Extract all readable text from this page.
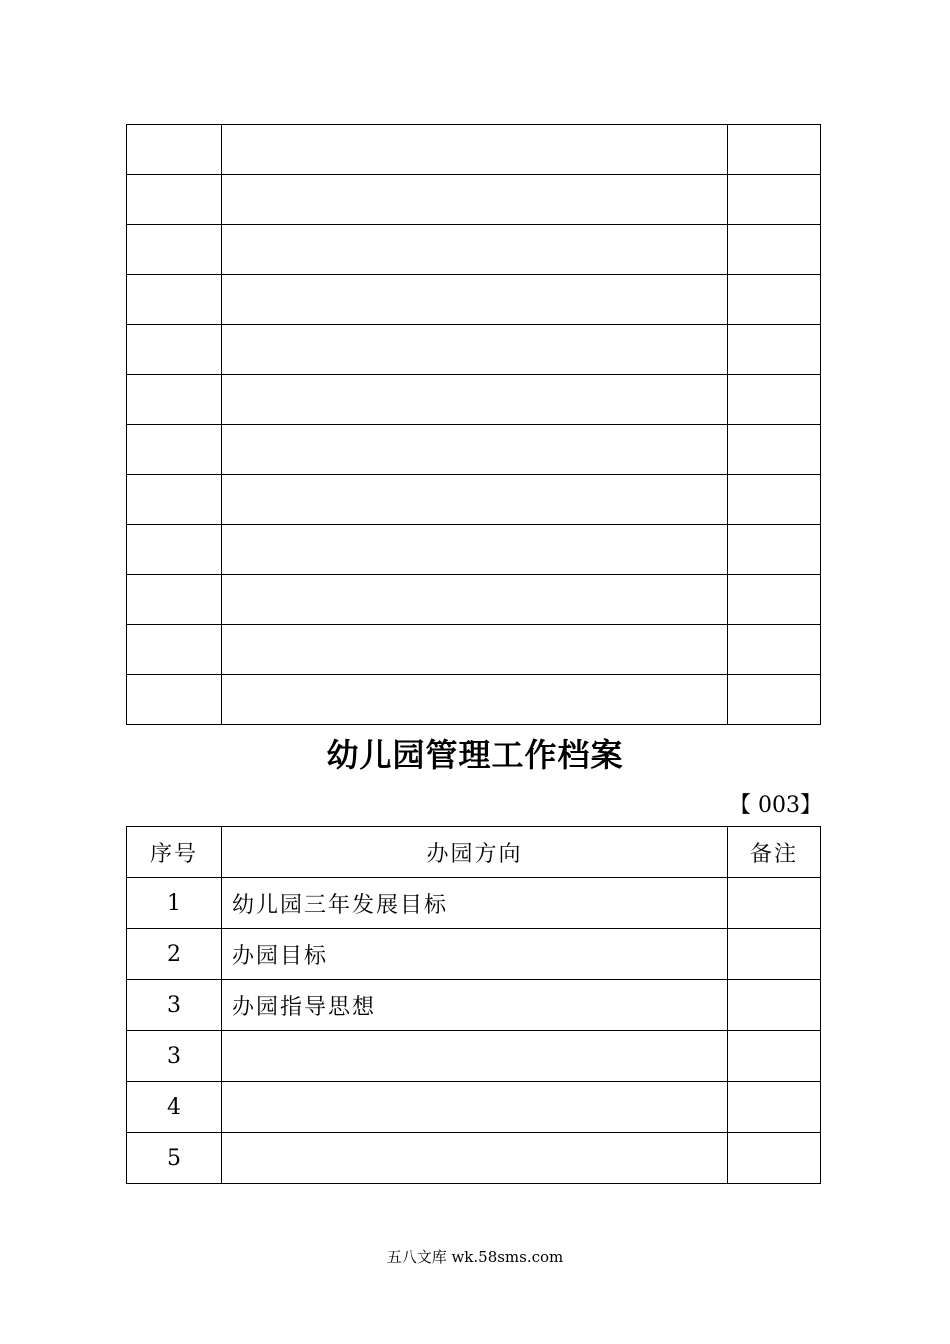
幼儿园管理工作档案
【 003】
序号	办园方向	备注
1	幼儿园三年发展目标	
2	办园目标	
3	办园指导思想	
3		
4		
5		
五八文库 wk.58sms.com
